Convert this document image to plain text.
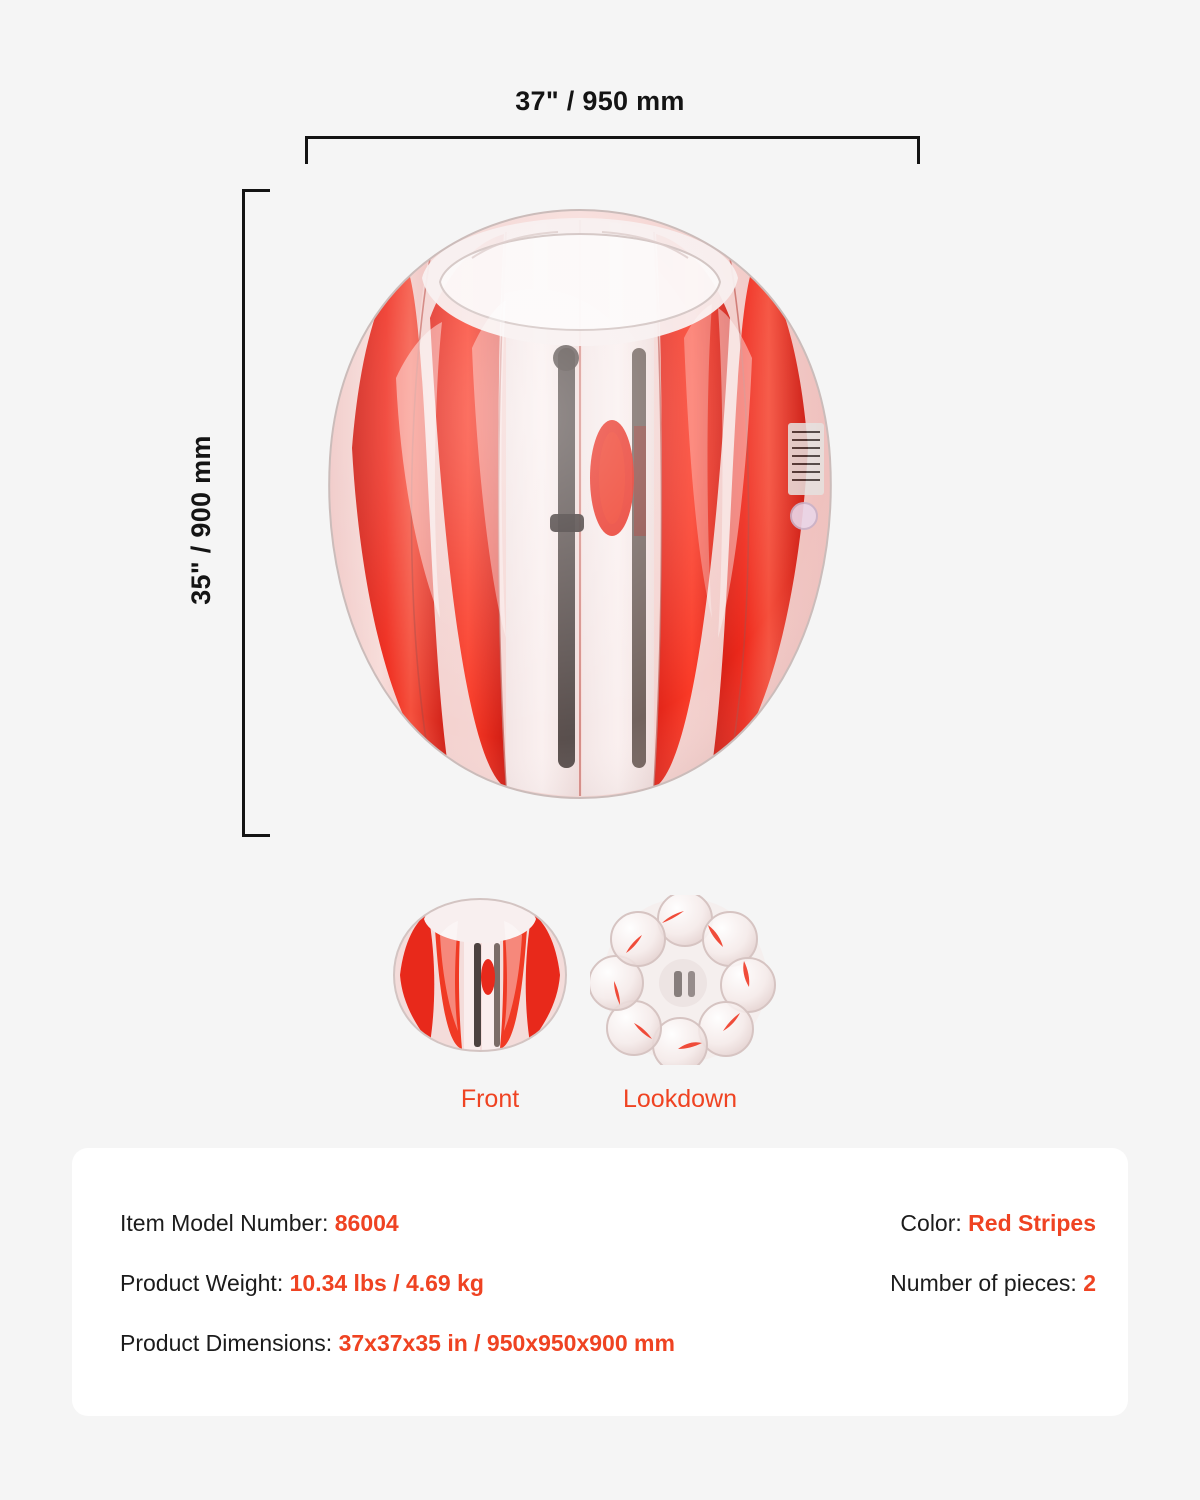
37" / 950 mm
35" / 900 mm
Front	Lookdown
Item Model Number: 86004
Product Weight: 10.34 lbs / 4.69 kg
Product Dimensions: 37x37x35 in / 950x950x900 mm
Color: Red Stripes
Number of pieces: 2
